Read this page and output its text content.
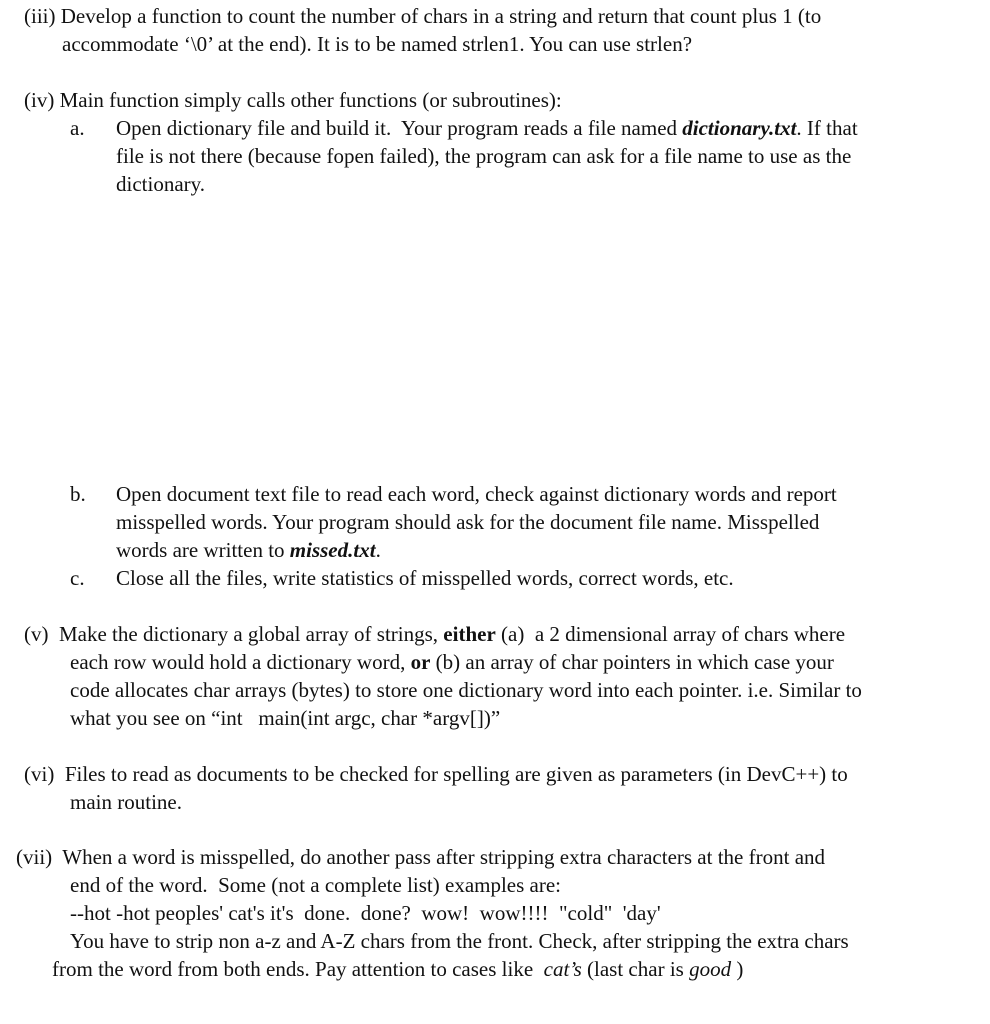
(iii) Develop a function to count the number of chars in a string and return that count plus 1 (to
accommodate ‘\0’ at the end). It is to be named strlen1. You can use strlen?
(iv) Main function simply calls other functions (or subroutines):
a. Open dictionary file and build it.  Your program reads a file named dictionary.txt. If that
file is not there (because fopen failed), the program can ask for a file name to use as the
dictionary.
b. Open document text file to read each word, check against dictionary words and report
misspelled words. Your program should ask for the document file name. Misspelled
words are written to missed.txt.
c. Close all the files, write statistics of misspelled words, correct words, etc.
(v)  Make the dictionary a global array of strings, either (a)  a 2 dimensional array of chars where
each row would hold a dictionary word, or (b) an array of char pointers in which case your
code allocates char arrays (bytes) to store one dictionary word into each pointer. i.e. Similar to
what you see on “int   main(int argc, char *argv[])”
(vi)  Files to read as documents to be checked for spelling are given as parameters (in DevC++) to
main routine.
(vii)  When a word is misspelled, do another pass after stripping extra characters at the front and
end of the word.  Some (not a complete list) examples are:
--hot -hot peoples' cat's it's  done.  done?  wow!  wow!!!!  "cold"  'day'
You have to strip non a-z and A-Z chars from the front. Check, after stripping the extra chars
from the word from both ends. Pay attention to cases like  cat’s (last char is good )
